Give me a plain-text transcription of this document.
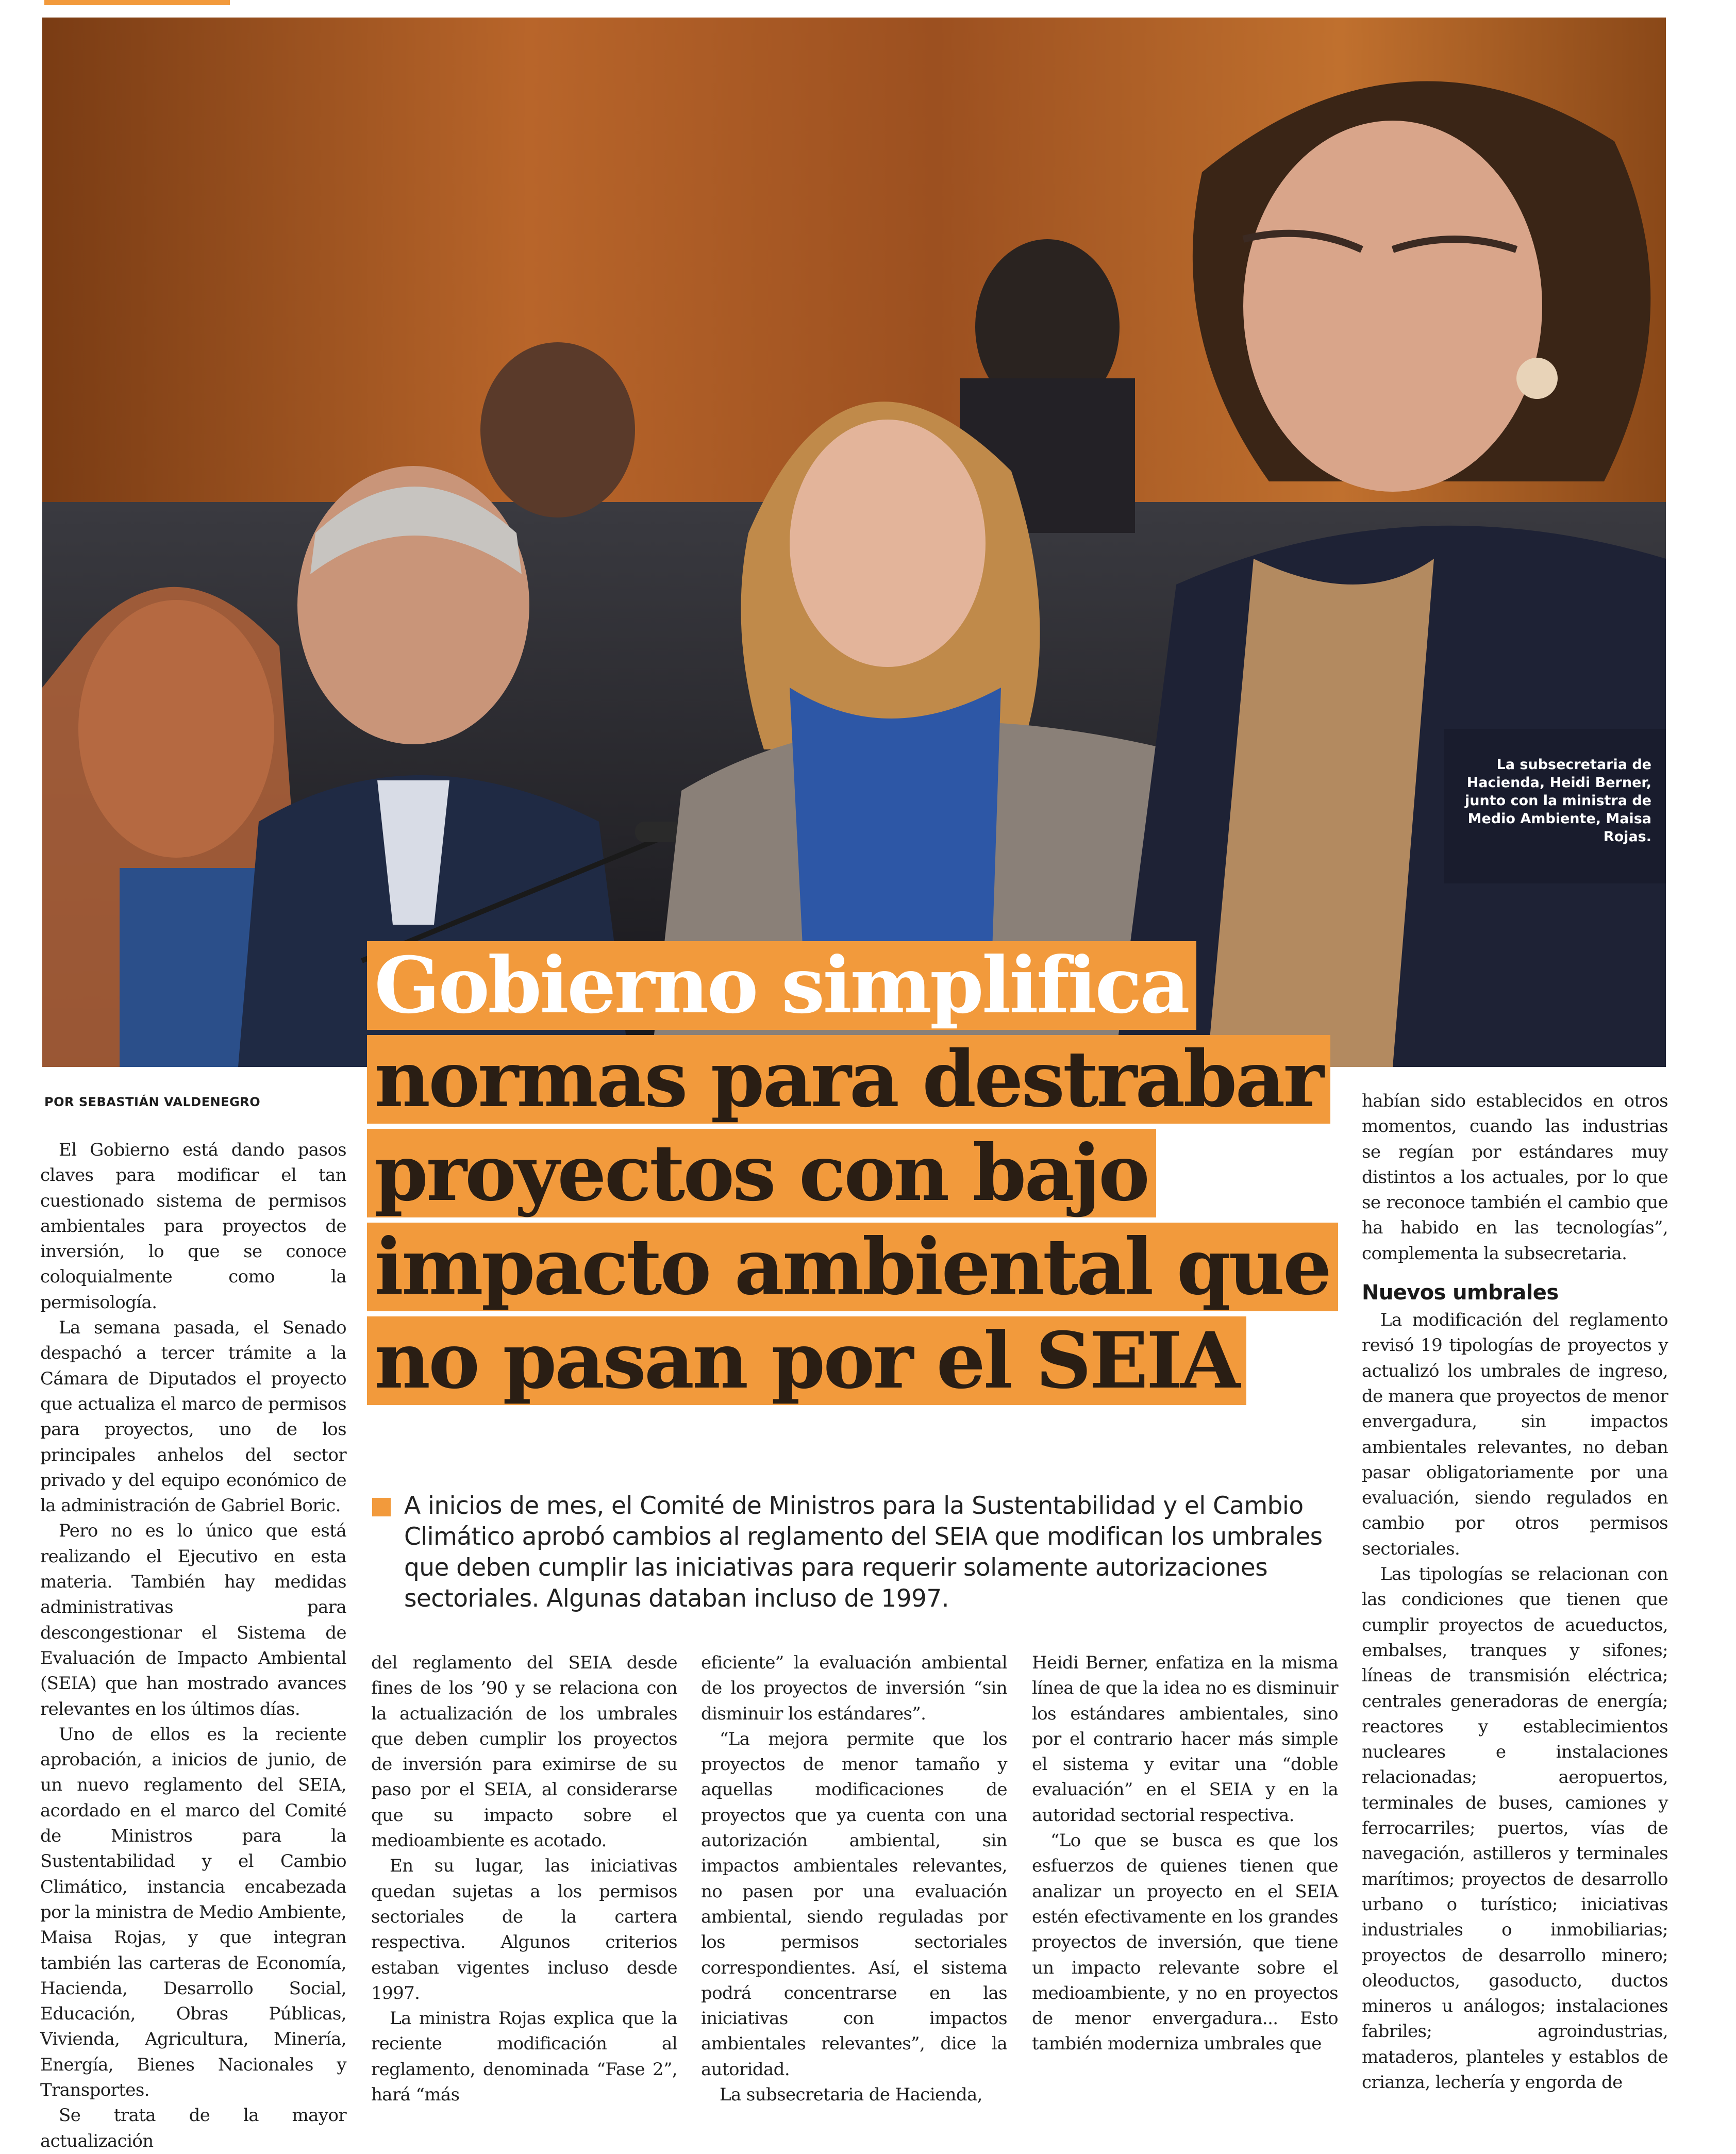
La subsecretaria de Hacienda, Heidi Berner, junto con la ministra de Medio Ambiente, Maisa Rojas.
Gobierno simplifica
normas para destrabar
proyectos con bajo
impacto ambiental que
no pasan por el SEIA
POR SEBASTIÁN VALDENEGRO

A inicios de mes, el Comité de Ministros para la Sustentabilidad y el Cambio Climático aprobó cambios al reglamento del SEIA que modifican los umbrales que deben cumplir las iniciativas para requerir solamente autorizaciones sectoriales. Algunas databan incluso de 1997.

El Gobierno está dando pasos claves para modificar el tan cuestionado sistema de permisos ambientales para proyectos de inversión, lo que se conoce coloquialmente como la permisología.

La semana pasada, el Senado despachó a tercer trámite a la Cámara de Diputados el proyecto que actualiza el marco de permisos para proyectos, uno de los principales anhelos del sector privado y del equipo económico de la administración de Gabriel Boric.

Pero no es lo único que está realizando el Ejecutivo en esta materia. También hay medidas administrativas para descongestionar el Sistema de Evaluación de Impacto Ambiental (SEIA) que han mostrado avances relevantes en los últimos días.

Uno de ellos es la reciente aprobación, a inicios de junio, de un nuevo reglamento del SEIA, acordado en el marco del Comité de Ministros para la Sustentabilidad y el Cambio Climático, instancia encabezada por la ministra de Medio Ambiente, Maisa Rojas, y que integran también las carteras de Economía, Hacienda, Desarrollo Social, Educación, Obras Públicas, Vivienda, Agricultura, Minería, Energía, Bienes Nacionales y Transportes.

Se trata de la mayor actualización

del reglamento del SEIA desde fines de los ’90 y se relaciona con la actualización de los umbrales que deben cumplir los proyectos de inversión para eximirse de su paso por el SEIA, al considerarse que su impacto sobre el medioambiente es acotado.

En su lugar, las iniciativas quedan sujetas a los permisos sectoriales de la cartera respectiva. Algunos criterios estaban vigentes incluso desde 1997.

La ministra Rojas explica que la reciente modificación al reglamento, denominada “Fase 2”, hará “más

eficiente” la evaluación ambiental de los proyectos de inversión “sin disminuir los estándares”.

“La mejora permite que los proyectos de menor tamaño y aquellas modificaciones de proyectos que ya cuenta con una autorización ambiental, sin impactos ambientales relevantes, no pasen por una evaluación ambiental, siendo reguladas por los permisos sectoriales correspondientes. Así, el sistema podrá concentrarse en las iniciativas con impactos ambientales relevantes”, dice la autoridad.

La subsecretaria de Hacienda,

Heidi Berner, enfatiza en la misma línea de que la idea no es disminuir los estándares ambientales, sino por el contrario hacer más simple el sistema y evitar una “doble evaluación” en el SEIA y en la autoridad sectorial respectiva.

“Lo que se busca es que los esfuerzos de quienes tienen que analizar un proyecto en el SEIA estén efectivamente en los grandes proyectos de inversión, que tiene un impacto relevante sobre el medioambiente, y no en proyectos de menor envergadura... Esto también moderniza umbrales que

habían sido establecidos en otros momentos, cuando las industrias se regían por estándares muy distintos a los actuales, por lo que se reconoce también el cambio que ha habido en las tecnologías”, complementa la subsecretaria.

Nuevos umbrales

La modificación del reglamento revisó 19 tipologías de proyectos y actualizó los umbrales de ingreso, de manera que proyectos de menor envergadura, sin impactos ambientales relevantes, no deban pasar obligatoriamente por una evaluación, siendo regulados en cambio por otros permisos sectoriales.

Las tipologías se relacionan con las condiciones que tienen que cumplir proyectos de acueductos, embalses, tranques y sifones; líneas de transmisión eléctrica; centrales generadoras de energía; reactores y establecimientos nucleares e instalaciones relacionadas; aeropuertos, terminales de buses, camiones y ferrocarriles; puertos, vías de navegación, astilleros y terminales marítimos; proyectos de desarrollo urbano o turístico; iniciativas industriales o inmobiliarias; proyectos de desarrollo minero; oleoductos, gasoducto, ductos mineros u análogos; instalaciones fabriles; agroindustrias, mataderos, planteles y establos de crianza, lechería y engorda de
